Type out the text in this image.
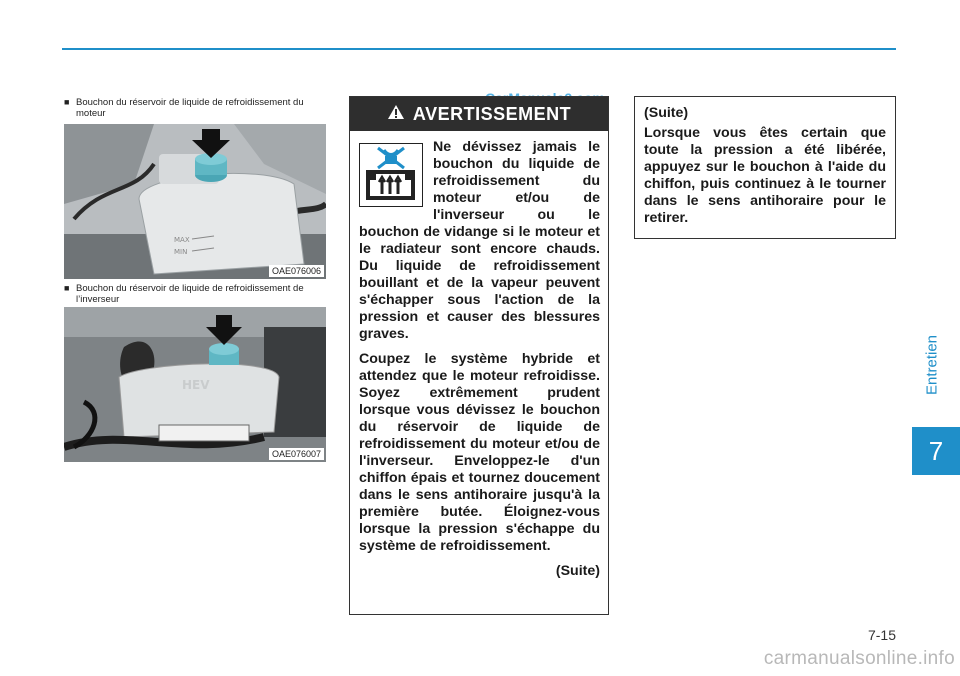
■ Bouchon du réservoir de liquide de refroidissement du moteur
MAX
MIN
OAE076006
■ Bouchon du réservoir de liquide de refroidissement de l’inverseur
HEV
OAE076007
AVERTISSEMENT

Ne dévissez jamais le bouchon du liquide de refroidissement du moteur et/ou de l'inverseur ou le bouchon de vidange si le moteur et le radiateur sont encore chauds. Du liquide de refroidissement bouillant et de la vapeur peuvent s'échapper sous l'action de la pression et causer des blessures graves.

Coupez le système hybride et attendez que le moteur refroidisse. Soyez extrêmement prudent lorsque vous dévissez le bouchon du réservoir de liquide de refroidissement du moteur et/ou de l'inverseur. Enveloppez-le d'un chiffon épais et tournez doucement dans le sens antihoraire jusqu'à la première butée. Éloignez-vous lorsque la pression s'échappe du système de refroidissement.

(Suite)

(Suite)

Lorsque vous êtes certain que toute la pression a été libérée, appuyez sur le bouchon à l'aide du chiffon, puis continuez à le tourner dans le sens antihoraire pour le retirer.

Entretien
7
7-15
carmanualsonline.info
